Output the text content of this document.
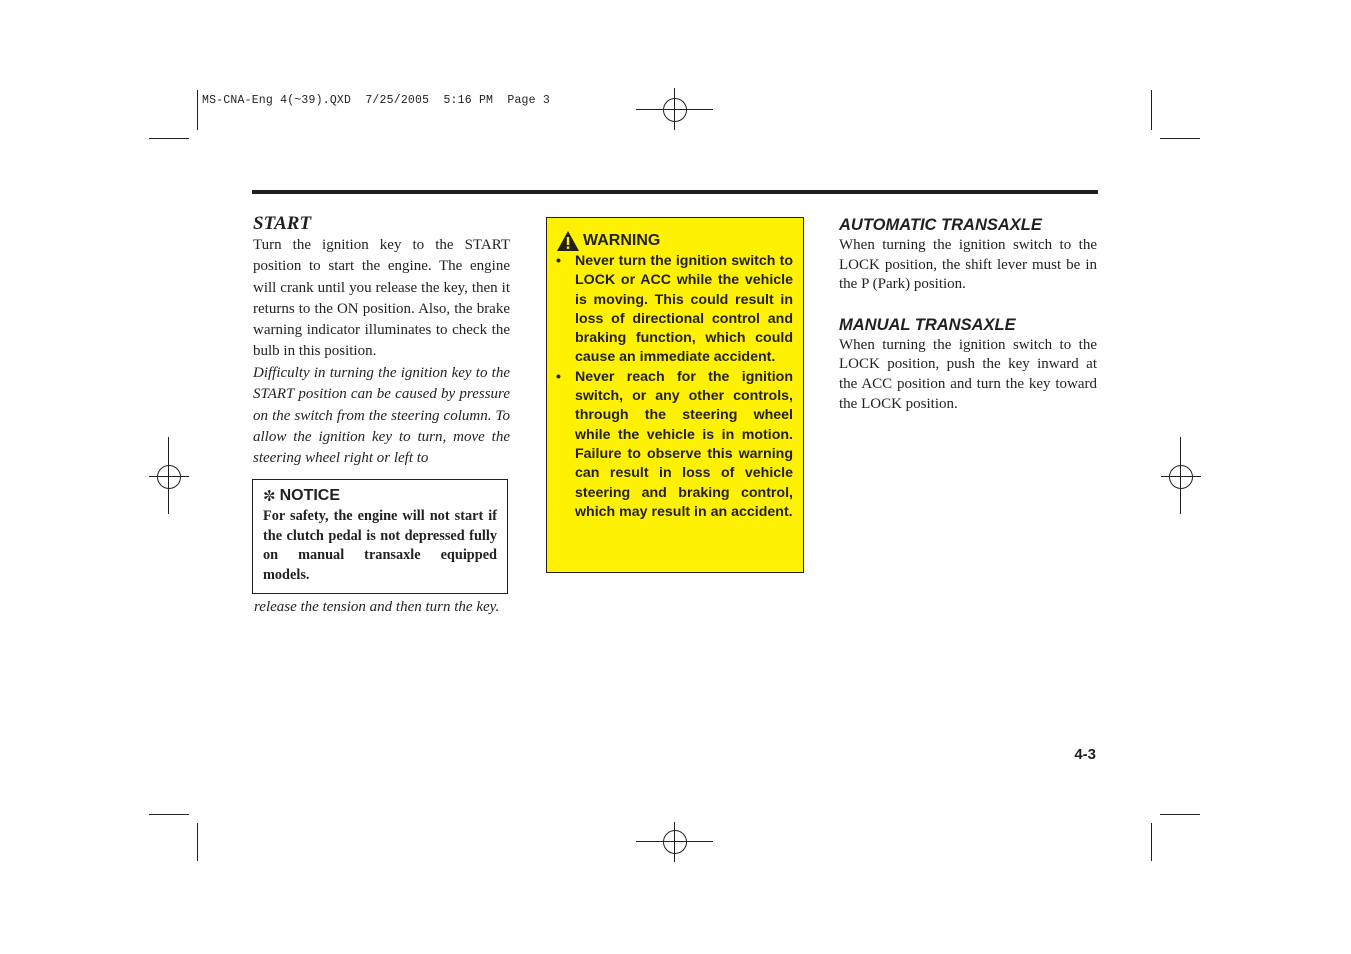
MS-CNA-Eng 4(~39).QXD  7/25/2005  5:16 PM  Page 3
START

Turn the ignition key to the START position to start the engine. The engine will crank until you release the key, then it returns to the ON position. Also, the brake warning indicator illuminates to check the bulb in this position.

Difficulty in turning the ignition key to the START position can be caused by pressure on the switch from the steering column. To allow the ignition key to turn, move the steering wheel right or left to

✼ NOTICE
For safety, the engine will not start if the clutch pedal is not depressed fully on manual transaxle equipped models.
release the tension and then turn the key.
WARNING
• Never turn the ignition switch to LOCK or ACC while the vehicle is moving. This could result in loss of directional control and braking function, which could cause an immediate accident.
• Never reach for the ignition switch, or any other controls, through the steering wheel while the vehicle is in motion. Failure to observe this warning can result in loss of vehicle steering and braking control, which may result in an accident.
AUTOMATIC TRANSAXLE

When turning the ignition switch to the LOCK position, the shift lever must be in the P (Park) position.

MANUAL TRANSAXLE

When turning the ignition switch to the LOCK position, push the key inward at the ACC position and turn the key toward the LOCK position.

4-3
